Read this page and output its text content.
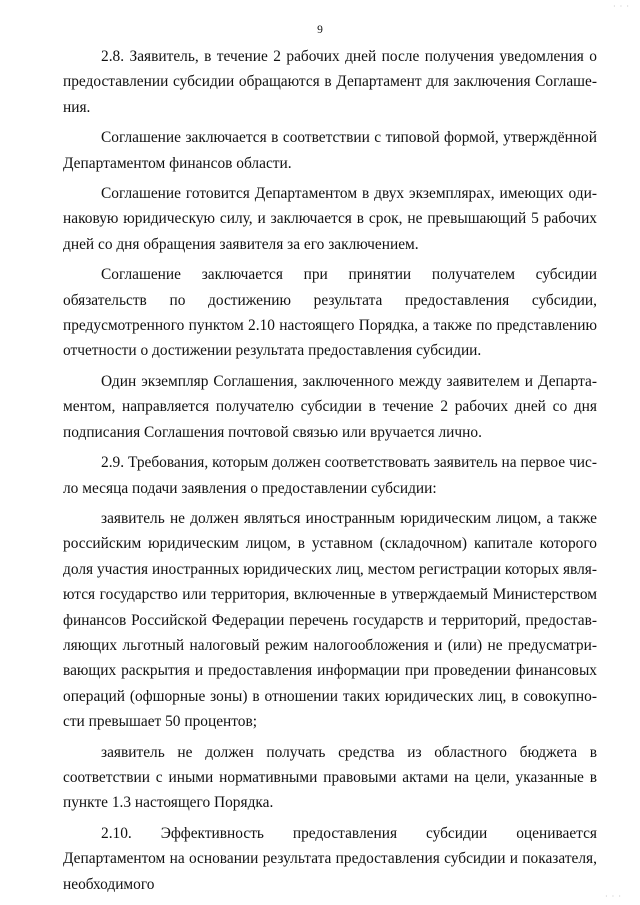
· · ·
9

2.8. Заявитель, в течение 2 рабочих дней после получения уведомления о предоставлении субсидии обращаются в Департамент для заключения Соглашения.

Соглашение заключается в соответствии с типовой формой, утверждённой Департаментом финансов области.

Соглашение готовится Департаментом в двух экземплярах, имеющих одинаковую юридическую силу, и заключается в срок, не превышающий 5 рабочих дней со дня обращения заявителя за его заключением.

Соглашение заключается при принятии получателем субсидии обязательств по достижению результата предоставления субсидии, предусмотренного пунктом 2.10 настоящего Порядка, а также по представлению отчетности о достижении результата предоставления субсидии.

Один экземпляр Соглашения, заключенного между заявителем и Департаментом, направляется получателю субсидии в течение 2 рабочих дней со дня подписания Соглашения почтовой связью или вручается лично.

2.9. Требования, которым должен соответствовать заявитель на первое число месяца подачи заявления о предоставлении субсидии:

заявитель не должен являться иностранным юридическим лицом, а также российским юридическим лицом, в уставном (складочном) капитале которого доля участия иностранных юридических лиц, местом регистрации которых являются государство или территория, включенные в утверждаемый Министерством финансов Российской Федерации перечень государств и территорий, предоставляющих льготный налоговый режим налогообложения и (или) не предусматривающих раскрытия и предоставления информации при проведении финансовых операций (офшорные зоны) в отношении таких юридических лиц, в совокупности превышает 50 процентов;

заявитель не должен получать средства из областного бюджета в соответствии с иными нормативными правовыми актами на цели, указанные в пункте 1.3 настоящего Порядка.

2.10. Эффективность предоставления субсидии оценивается Департаментом на основании результата предоставления субсидии и показателя, необходимого

· · ·
